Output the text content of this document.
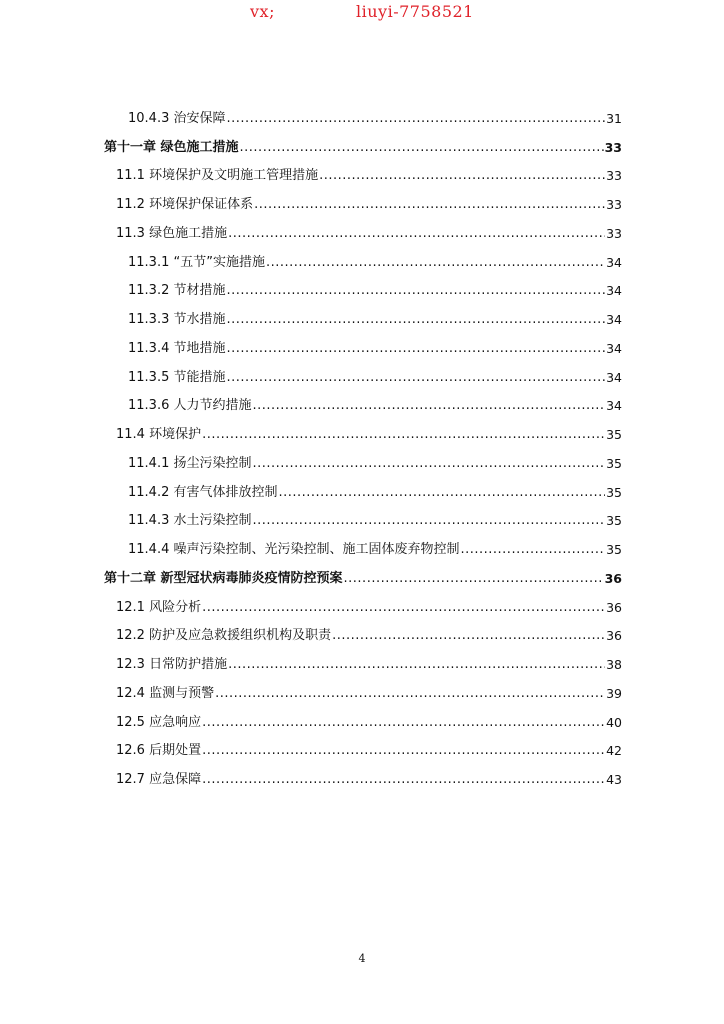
vx;	liuyi-7758521
10.4.3 治安保障 .....	31
第十一章 绿色施工措施 .....	33
11.1 环境保护及文明施工管理措施 .....	33
11.2 环境保护保证体系 .....	33
11.3 绿色施工措施 .....	33
11.3.1 “五节”实施措施 .....	34
11.3.2 节材措施 .....	34
11.3.3 节水措施 .....	34
11.3.4 节地措施 .....	34
11.3.5 节能措施 .....	34
11.3.6 人力节约措施 .....	34
11.4 环境保护 .....	35
11.4.1 扬尘污染控制 .....	35
11.4.2 有害气体排放控制 .....	35
11.4.3 水土污染控制 .....	35
11.4.4 噪声污染控制、光污染控制、施工固体废弃物控制 .....	35
第十二章 新型冠状病毒肺炎疫情防控预案 .....	36
12.1 风险分析 .....	36
12.2 防护及应急救援组织机构及职责 .....	36
12.3 日常防护措施 .....	38
12.4 监测与预警 .....	39
12.5 应急响应 .....	40
12.6 后期处置 .....	42
12.7 应急保障 .....	43
4
